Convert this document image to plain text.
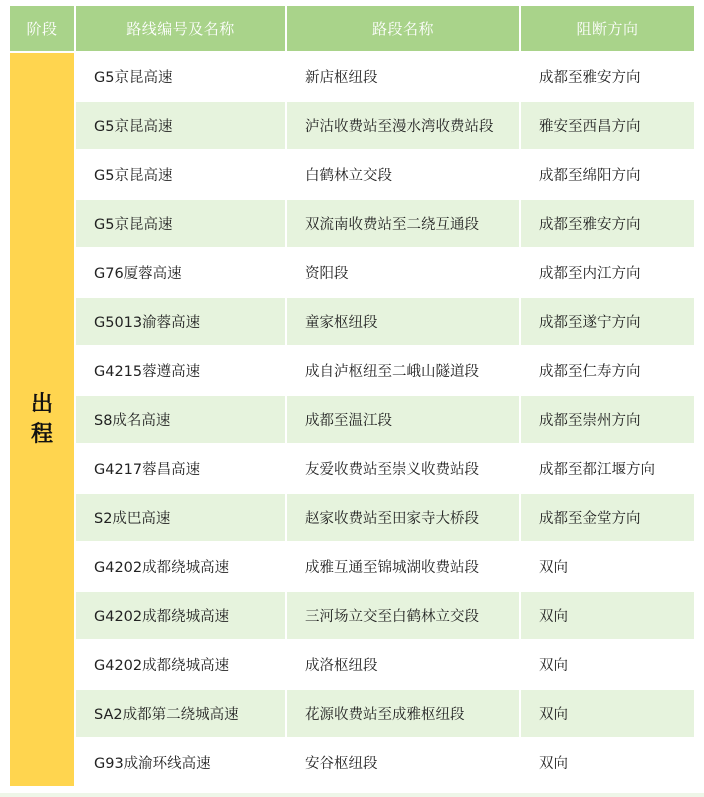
阶段	路线编号及名称	路段名称	阻断方向
出程	G5京昆高速	新店枢纽段	成都至雅安方向
	G5京昆高速	泸沽收费站至漫水湾收费站段	雅安至西昌方向
	G5京昆高速	白鹤林立交段	成都至绵阳方向
	G5京昆高速	双流南收费站至二绕互通段	成都至雅安方向
	G76厦蓉高速	资阳段	成都至内江方向
	G5013渝蓉高速	童家枢纽段	成都至遂宁方向
	G4215蓉遵高速	成自泸枢纽至二峨山隧道段	成都至仁寿方向
	S8成名高速	成都至温江段	成都至崇州方向
	G4217蓉昌高速	友爱收费站至崇义收费站段	成都至都江堰方向
	S2成巴高速	赵家收费站至田家寺大桥段	成都至金堂方向
	G4202成都绕城高速	成雅互通至锦城湖收费站段	双向
	G4202成都绕城高速	三河场立交至白鹤林立交段	双向
	G4202成都绕城高速	成洛枢纽段	双向
	SA2成都第二绕城高速	花源收费站至成雅枢纽段	双向
	G93成渝环线高速	安谷枢纽段	双向
